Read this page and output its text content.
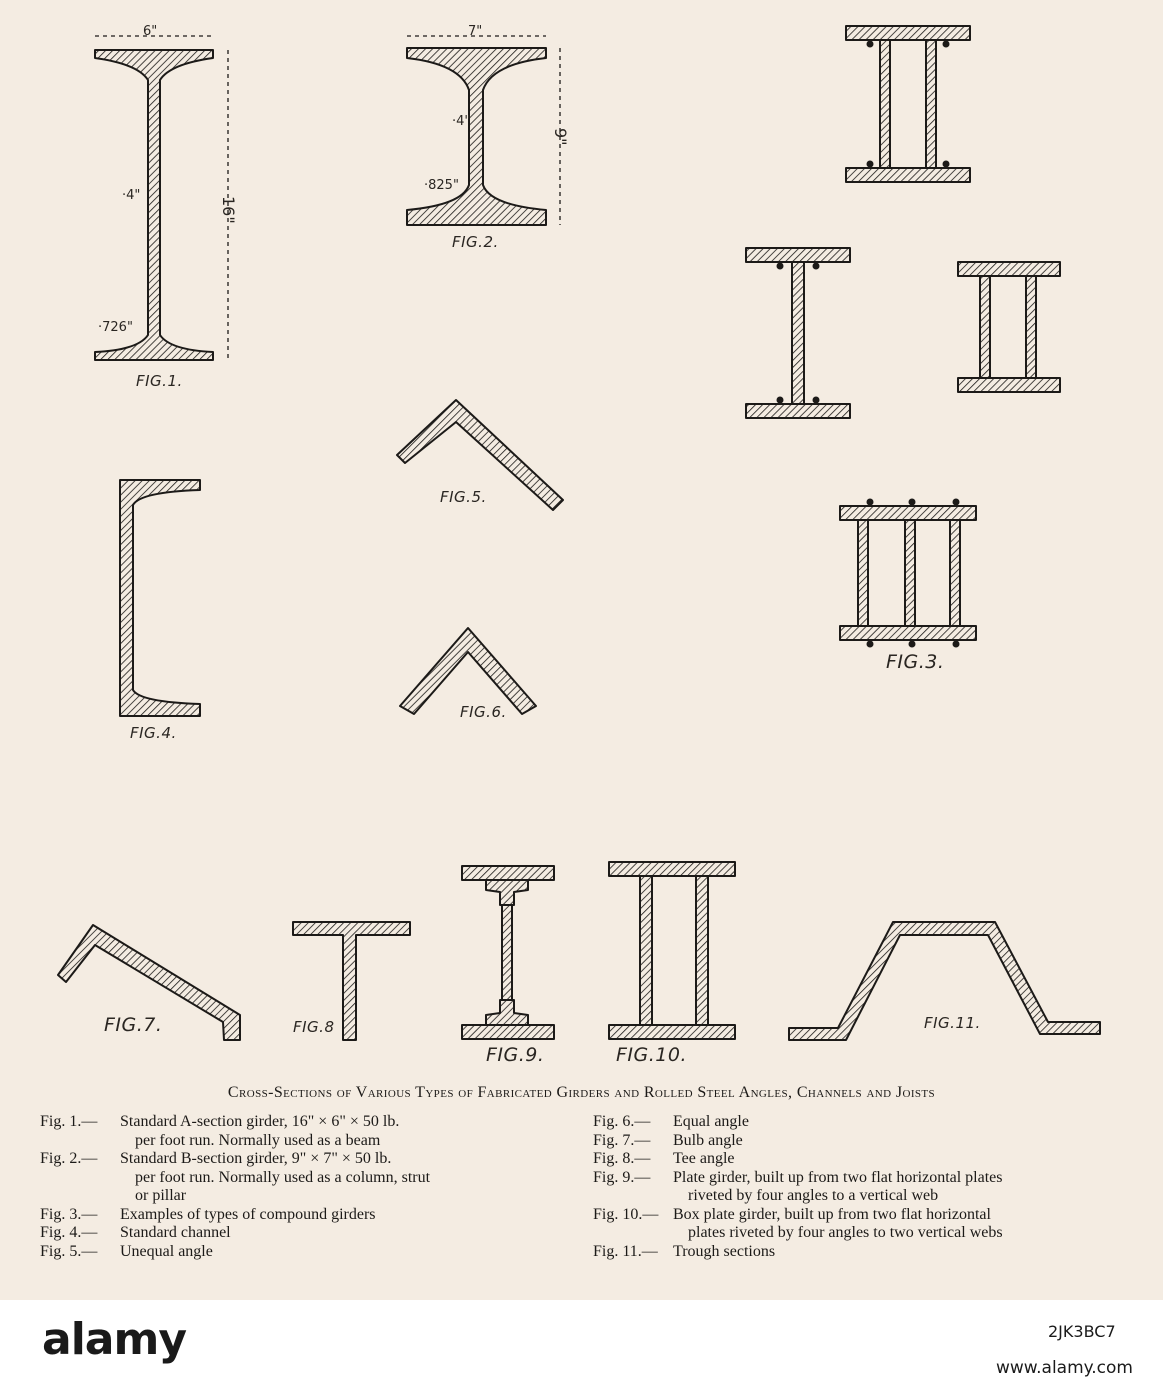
6"
16"
·4"
·726"
FIG.1.
7"
9"
·4"
·825"
FIG.2.
FIG.3.
FIG.4.
FIG.5.
FIG.6.
FIG.7.	FIG.8
FIG.9.	FIG.10.
FIG.11.
Cross-Sections of Various Types of Fabricated Girders and Rolled Steel Angles, Channels and Joists
Fig. 1.—	Standard A-section girder, 16" × 6" × 50 lb.
per foot run. Normally used as a beam
Fig. 2.—	Standard B-section girder, 9" × 7" × 50 lb.
per foot run. Normally used as a column, strut
or pillar
Fig. 3.—	Examples of types of compound girders
Fig. 4.—	Standard channel
Fig. 5.—	Unequal angle
Fig. 6.—	Equal angle
Fig. 7.—	Bulb angle
Fig. 8.—	Tee angle
Fig. 9.—	Plate girder, built up from two flat horizontal plates
riveted by four angles to a vertical web
Fig. 10.— Box plate girder, built up from two flat horizontal
plates riveted by four angles to two vertical webs
Fig. 11.— Trough sections
alamy	2JK3BC7
www.alamy.com
